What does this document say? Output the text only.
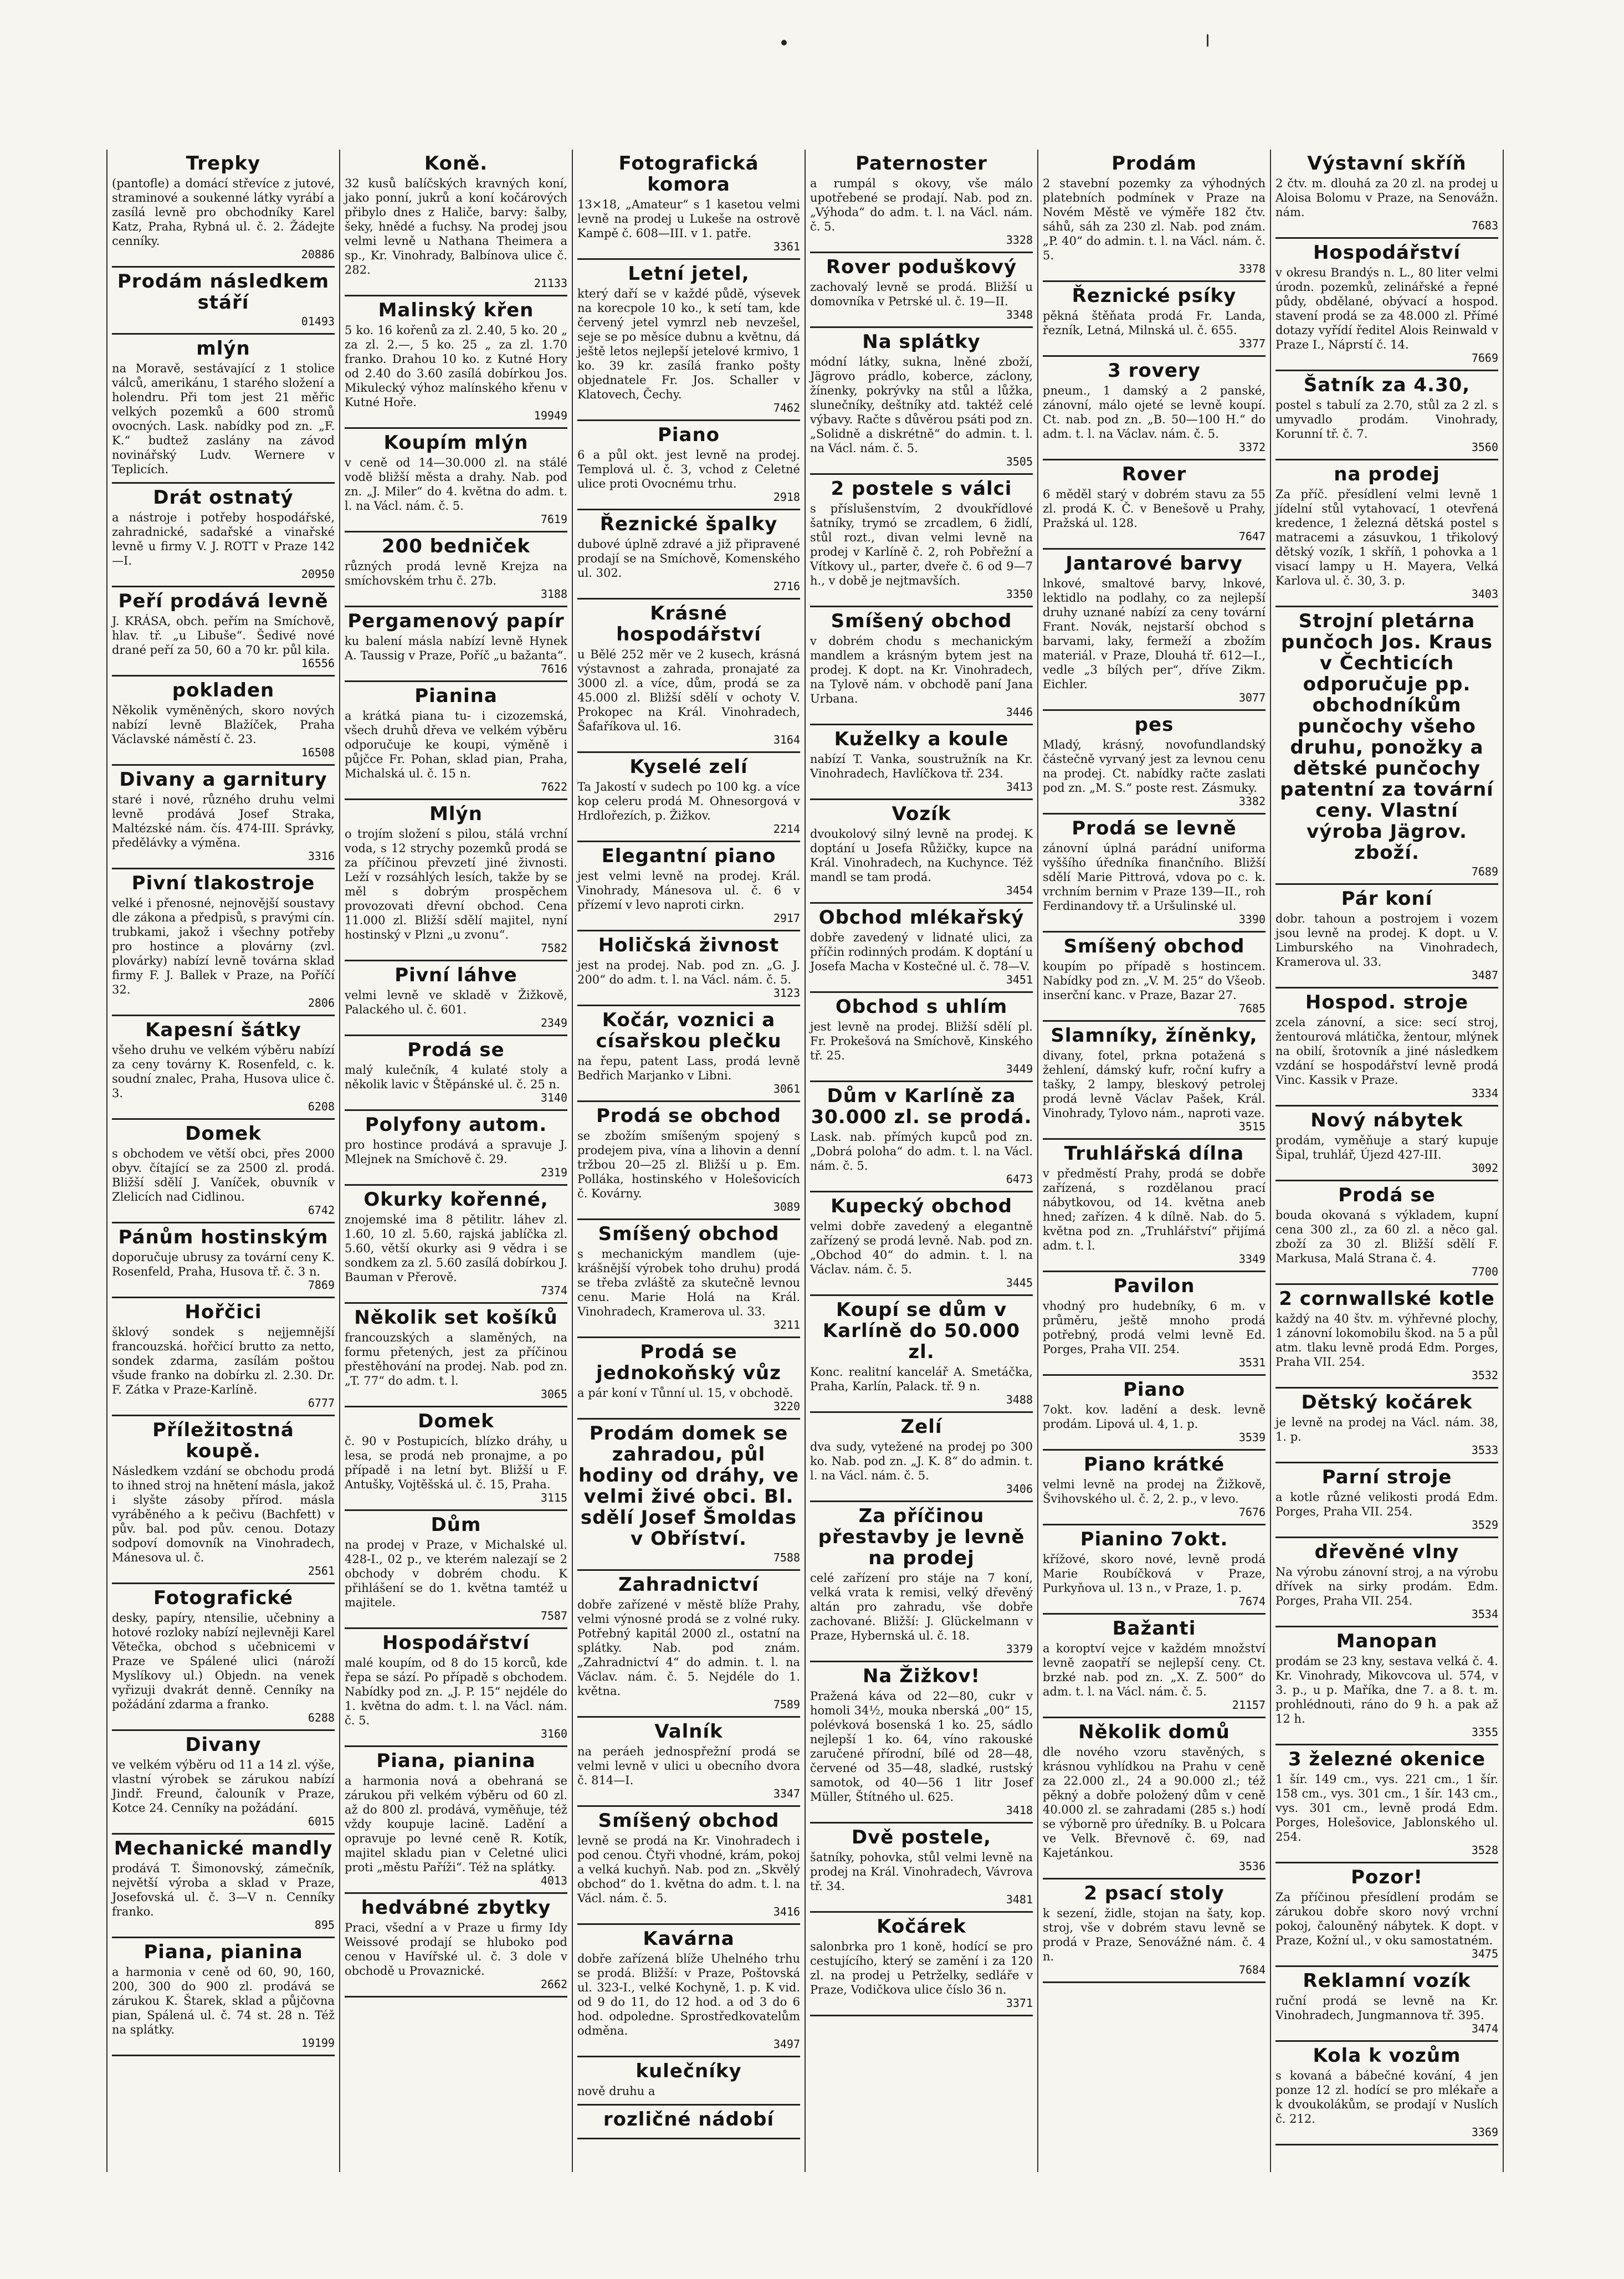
Trepky

(pantofle) a domácí střevíce z jutové, straminové a soukenné látky vyrábí a zasílá levně pro obchodníky Karel Katz, Praha, Rybná ul. č. 2. Žádejte cenníky.

20886
Prodám následkem stáří

01493
mlýn

na Moravě, sestávající z 1 stolice válců, amerikánu, 1 starého složení a holendru. Při tom jest 21 měřic velkých pozemků a 600 stromů ovocných. Lask. nabídky pod zn. „F. K.“ budtež zaslány na závod novinářský Ludv. Wernere v Teplicích.

Drát ostnatý

a nástroje i potřeby hospodářské, zahradnické, sadařské a vinařské levně u firmy V. J. ROTT v Praze 142—I.

20950
Peří prodává levně

J. KRÁSA, obch. peřím na Smíchově, hlav. tř. „u Libuše“. Šedivé nové drané peří za 50, 60 a 70 kr. půl kila.

16556
pokladen

Několik vyměněných, skoro nových nabízí levně Blažíček, Praha Václavské náměstí č. 23.

16508
Divany a garnitury

staré i nové, různého druhu velmi levně prodává Josef Straka, Maltézské nám. čís. 474-III. Správky, předělávky a výměna.

3316
Pivní tlakostroje

velké i přenosné, nejnovější soustavy dle zákona a předpisů, s pravými cín. trubkami, jakož i všechny potřeby pro hostince a plovárny (zvl. plovárky) nabízí levně továrna sklad firmy F. J. Ballek v Praze, na Poříčí 32.

2806
Kapesní šátky

všeho druhu ve velkém výběru nabízí za ceny továrny K. Rosenfeld, c. k. soudní znalec, Praha, Husova ulice č. 3.

6208
Domek

s obchodem ve větší obci, přes 2000 obyv. čítající se za 2500 zl. prodá. Bližší sdělí J. Vaníček, obuvník v Zlelicích nad Cidlinou.

6742
Pánům hostinským

doporučuje ubrusy za tovární ceny K. Rosenfeld, Praha, Husova tř. č. 3 n.

7869
Hořčici

šklový sondek s nejjemnější francouzská. hořčicí brutto za netto, sondek zdarma, zasílám poštou všude franko na dobírku zl. 2.30. Dr. F. Zátka v Praze-Karlíně.

6777
Příležitostná koupě.

Následkem vzdání se obchodu prodá to ihned stroj na hnětení másla, jakož i slyšte zásoby přírod. másla vyráběného a k pečivu (Bachfett) v pův. bal. pod pův. cenou. Dotazy sodpoví domovník na Vinohradech, Mánesova ul. č.

2561
Fotografické

desky, papíry, ntensilie, učebniny a hotové rozloky nabízí nejlevněji Karel Větečka, obchod s učebnicemi v Praze ve Spálené ulici (nároží Myslíkovy ul.) Objedn. na venek vyřizuji dvakrát denně. Cenníky na požádání zdarma a franko.

6288
Divany

ve velkém výběru od 11 a 14 zl. výše, vlastní výrobek se zárukou nabízí Jindř. Freund, čalouník v Praze, Kotce 24. Cenníky na požádání.

6015
Mechanické mandly

prodává T. Šimonovský, zámečník, největší výroba a sklad v Praze, Josefovská ul. č. 3—V n. Cenníky franko.

895
Piana, pianina

a harmonia v ceně od 60, 90, 160, 200, 300 do 900 zl. prodává se zárukou K. Štarek, sklad a půjčovna pian, Spálená ul. č. 74 st. 28 n. Též na splátky.

19199
Koně.

32 kusů balíčských kravných koní, jako ponní, jukrů a koní kočárových přibylo dnes z Haliče, barvy: šalby, šeky, hnědé a fuchsy. Na prodej jsou velmi levně u Nathana Theimera a sp., Kr. Vinohrady, Balbínova ulice č. 282.

21133
Malinský křen

5 ko. 16 kořenů za zl. 2.40, 5 ko. 20 „ za zl. 2.—, 5 ko. 25 „ za zl. 1.70 franko. Drahou 10 ko. z Kutné Hory od 2.40 do 3.60 zasílá dobírkou Jos. Mikulecký výhoz malínského křenu v Kutné Hoře.

19949
Koupím mlýn

v ceně od 14—30.000 zl. na stálé vodě bližší města a drahy. Nab. pod zn. „J. Miler“ do 4. května do adm. t. l. na Václ. nám. č. 5.

7619
200 bedniček

různých prodá levně Krejza na smíchovském trhu č. 27b.

3188
Pergamenový papír

ku balení másla nabízí levně Hynek A. Taussig v Praze, Poříč „u bažanta“.

7616
Pianina

a krátká piana tu- i cizozemská, všech druhů dřeva ve velkém výběru odporučuje ke koupi, výměně i půjčce Fr. Pohan, sklad pian, Praha, Michalská ul. č. 15 n.

7622
Mlýn

o trojím složení s pilou, stálá vrchní voda, s 12 strychy pozemků prodá se za příčinou převzetí jiné živnosti. Leží v rozsáhlých lesích, takže by se měl s dobrým prospěchem provozovati dřevní obchod. Cena 11.000 zl. Bližší sdělí majitel, nyní hostinský v Plzni „u zvonu“.

7582
Pivní láhve

velmi levně ve skladě v Žižkově, Palackého ul. č. 601.

2349
Prodá se

malý kulečník, 4 kulaté stoly a několik lavic v Štěpánské ul. č. 25 n.

3140
Polyfony autom.

pro hostince prodává a spravuje J. Mlejnek na Smíchově č. 29.

2319
Okurky kořenné,

znojemské ima 8 pětilitr. láhev zl. 1.60, 10 zl. 5.60, rajská jablíčka zl. 5.60, větší okurky asi 9 vědra i se sondkem za zl. 5.60 zasílá dobírkou J. Bauman v Přerově.

7374
Několik set košíků

francouzských a slaměných, na formu přetených, jest za příčinou přestěhování na prodej. Nab. pod zn. „T. 77“ do adm. t. l.

3065
Domek

č. 90 v Postupicích, blízko dráhy, u lesa, se prodá neb pronajme, a po případě i na letní byt. Bližší u F. Antušky, Vojtěšská ul. č. 15, Praha.

3115
Dům

na prodej v Praze, v Michalské ul. 428-I., 02 p., ve kterém nalezají se 2 obchody v dobrém chodu. K přihlášení se do 1. května tamtéž u majitele.

7587
Hospodářství

malé koupím, od 8 do 15 korců, kde řepa se sází. Po případě s obchodem. Nabídky pod zn. „J. P. 15“ nejdéle do 1. května do adm. t. l. na Václ. nám. č. 5.

3160
Piana, pianina

a harmonia nová a obehraná se zárukou při velkém výběru od 60 zl. až do 800 zl. prodává, vyměňuje, též vždy koupuje lacině. Ladění a opravuje po levné ceně R. Kotík, majitel skladu pian v Celetné ulici proti „městu Paříži“. Též na splátky.

4013
hedvábné zbytky

Praci, všední a v Praze u firmy Idy Weissové prodají se hluboko pod cenou v Havířské ul. č. 3 dole v obchodě u Provaznické.

2662
Fotografická komora

13×18, „Amateur“ s 1 kasetou velmi levně na prodej u Lukeše na ostrově Kampě č. 608—III. v 1. patře.

3361
Letní jetel,

který daří se v každé půdě, výsevek na korecpole 10 ko., k setí tam, kde červený jetel vymrzl neb nevzešel, seje se po měsíce dubnu a květnu, dá ještě letos nejlepší jetelové krmivo, 1 ko. 39 kr. zasílá franko pošty objednatele Fr. Jos. Schaller v Klatovech, Čechy.

7462
Piano

6 a půl okt. jest levně na prodej. Templová ul. č. 3, vchod z Celetné ulice proti Ovocnému trhu.

2918
Řeznické špalky

dubové úplně zdravé a již připravené prodají se na Smíchově, Komenského ul. 302.

2716
Krásné hospodářství

u Bělé 252 měr ve 2 kusech, krásná výstavnost a zahrada, pronajaté za 3000 zl. a více, dům, prodá se za 45.000 zl. Bližší sdělí v ochoty V. Prokopec na Král. Vinohradech, Šafaříkova ul. 16.

3164
Kyselé zelí

Ta Jakostí v sudech po 100 kg. a více kop celeru prodá M. Ohnesorgová v Hrdlořezích, p. Žižkov.

2214
Elegantní piano

jest velmi levně na prodej. Král. Vinohrady, Mánesova ul. č. 6 v přízemí v levo naproti cirkn.

2917
Holičská živnost

jest na prodej. Nab. pod zn. „G. J. 200“ do adm. t. l. na Václ. nám. č. 5.

3123
Kočár, voznici a císařskou plečku

na řepu, patent Lass, prodá levně Bedřich Marjanko v Libni.

3061
Prodá se obchod

se zbožím smíšeným spojený s prodejem piva, vína a lihovin a denní tržbou 20—25 zl. Bližší u p. Em. Polláka, hostinského v Holešovicích č. Kovárny.

3089
Smíšený obchod

s mechanickým mandlem (uje-krášnější výrobek toho druhu) prodá se třeba zvláště za skutečně levnou cenu. Marie Holá na Král. Vinohradech, Kramerova ul. 33.

3211
Prodá se jednokoňský vůz

a pár koní v Tůnní ul. 15, v obchodě.

3220
Prodám domek se zahradou, půl hodiny od dráhy, ve velmi živé obci. Bl. sdělí Josef Šmoldas v Obříství.

7588
Zahradnictví

dobře zařízené v městě blíže Prahy, velmi výnosné prodá se z volné ruky. Potřebný kapitál 2000 zl., ostatní na splátky. Nab. pod znám. „Zahradnictví 4“ do admin. t. l. na Václav. nám. č. 5. Nejdéle do 1. května.

7589
Valník

na peráeh jednospřežní prodá se velmi levně v ulici u obecního dvora č. 814—I.

3347
Smíšený obchod

levně se prodá na Kr. Vinohradech i pod cenou. Čtyři vhodné, krám, pokoj a velká kuchyň. Nab. pod zn. „Skvělý obchod“ do 1. května do adm. t. l. na Václ. nám. č. 5.

3416
Kavárna

dobře zařízená blíže Uhelného trhu se prodá. Bližší: v Praze, Poštovská ul. 323-I., velké Kochyně, 1. p. K vid. od 9 do 11, do 12 hod. a od 3 do 6 hod. odpoledne. Sprostředkovatelům odměna.

3497
kulečníky

nově druhu a

rozličné nádobí

Paternoster

a rumpál s okovy, vše málo upotřebené se prodají. Nab. pod zn. „Výhoda“ do adm. t. l. na Václ. nám. č. 5.

3328
Rover poduškový

zachovalý levně se prodá. Bližší u domovníka v Petrské ul. č. 19—II.

3348
Na splátky

módní látky, sukna, lněné zboží, Jägrovo prádlo, koberce, záclony, žínenky, pokrývky na stůl a lůžka, slunečníky, deštníky atd. taktéž celé výbavy. Račte s důvěrou psáti pod zn. „Solidně a diskrétně“ do admin. t. l. na Václ. nám. č. 5.

3505
2 postele s válci

s příslušenstvím, 2 dvoukřídlové šatníky, trymó se zrcadlem, 6 židlí, stůl rozt., divan velmi levně na prodej v Karlíně č. 2, roh Pobřežní a Vítkovy ul., parter, dveře č. 6 od 9—7 h., v době je nejtmavších.

3350
Smíšený obchod

v dobrém chodu s mechanickým mandlem a krásným bytem jest na prodej. K dopt. na Kr. Vinohradech, na Tylově nám. v obchodě paní Jana Urbana.

3446
Kuželky a koule

nabízí T. Vanka, soustružník na Kr. Vinohradech, Havlíčkova tř. 234.

3413
Vozík

dvoukolový silný levně na prodej. K doptání u Josefa Růžičky, kupce na Král. Vinohradech, na Kuchynce. Též mandl se tam prodá.

3454
Obchod mlékařský

dobře zavedený v lidnaté ulici, za příčin rodinných prodám. K doptání u Josefa Macha v Kostečné ul. č. 78—V.

3451
Obchod s uhlím

jest levně na prodej. Bližší sdělí pl. Fr. Prokešová na Smíchově, Kinského tř. 25.

3449
Dům v Karlíně za 30.000 zl. se prodá.

Lask. nab. přímých kupců pod zn. „Dobrá poloha“ do adm. t. l. na Václ. nám. č. 5.

6473
Kupecký obchod

velmi dobře zavedený a elegantně zařízený se prodá levně. Nab. pod zn. „Obchod 40“ do admin. t. l. na Václav. nám. č. 5.

3445
Koupí se dům v Karlíně do 50.000 zl.

Konc. realitní kancelář A. Smetáčka, Praha, Karlín, Palack. tř. 9 n.

3488
Zelí

dva sudy, vytežené na prodej po 300 ko. Nab. pod zn. „J. K. 8“ do admin. t. l. na Václ. nám. č. 5.

3406
Za příčinou přestavby je levně na prodej

celé zařízení pro stáje na 7 koní, velká vrata k remisi, velký dřevěný altán pro zahradu, vše dobře zachované. Bližší: J. Glückelmann v Praze, Hybernská ul. č. 18.

3379
Na Žižkov!

Pražená káva od 22—80, cukr v homoli 34½, mouka nberská „00“ 15, polévková bosenská 1 ko. 25, sádlo nejlepší 1 ko. 64, víno rakouské zaručené přírodní, bílé od 28—48, červené od 35—48, sladké, rustský samotok, od 40—56 1 litr Josef Müller, Štítného ul. 625.

3418
Dvě postele,

šatníky, pohovka, stůl velmi levně na prodej na Král. Vinohradech, Vávrova tř. 34.

3481
Kočárek

salonbrka pro 1 koně, hodící se pro cestujícího, který se zamění i za 120 zl. na prodej u Petrželky, sedláře v Praze, Vodičkova ulice číslo 36 n.

3371
Prodám

2 stavební pozemky za výhodných platebních podmínek v Praze na Novém Městě ve výměře 182 čtv. sáhů, sáh za 230 zl. Nab. pod znám. „P. 40“ do admin. t. l. na Václ. nám. č. 5.

3378
Řeznické psíky

pěkná štěňata prodá Fr. Landa, řezník, Letná, Milnská ul. č. 655.

3377
3 rovery

pneum., 1 damský a 2 panské, zánovní, málo ojeté se levně koupí. Ct. nab. pod zn. „B. 50—100 H.“ do adm. t. l. na Václav. nám. č. 5.

3372
Rover

6 měděl starý v dobrém stavu za 55 zl. prodá K. Č. v Benešově u Prahy, Pražská ul. 128.

7647
Jantarové barvy

lnkové, smaltové barvy, lnkové, lektidlo na podlahy, co za nejlepší druhy uznané nabízí za ceny tovární Frant. Novák, nejstarší obchod s barvami, laky, fermeží a zbožím materiál. v Praze, Dlouhá tř. 612—I., vedle „3 bílých per“, dříve Zikm. Eichler.

3077
pes

Mladý, krásný, novofundlandský částečně vyrvaný jest za levnou cenu na prodej. Ct. nabídky račte zaslati pod zn. „M. S.“ poste rest. Zásmuky.

3382
Prodá se levně

zánovní úplná parádní uniforma vyššího úředníka finančního. Bližší sdělí Marie Pittrová, vdova po c. k. vrchním bernim v Praze 139—II., roh Ferdinandovy tř. a Uršulinské ul.

3390
Smíšený obchod

koupím po případě s hostincem. Nabídky pod zn. „V. M. 25“ do Všeob. inserční kanc. v Praze, Bazar 27.

7685
Slamníky, žíněnky,

divany, fotel, prkna potažená s žehlení, dámský kufr, roční kufry a tašky, 2 lampy, bleskový petrolej prodá levně Václav Pašek, Král. Vinohrady, Tylovo nám., naproti vaze.

3515
Truhlářská dílna

v předměstí Prahy, prodá se dobře zařízená, s rozdělanou prací nábytkovou, od 14. května aneb hned; zařízen. 4 k dílně. Nab. do 5. května pod zn. „Truhlářství“ přijímá adm. t. l.

3349
Pavilon

vhodný pro hudebníky, 6 m. v průměru, ještě mnoho prodá potřebný, prodá velmi levně Ed. Porges, Praha VII. 254.

3531
Piano

7okt. kov. ladění a desk. levně prodám. Lipová ul. 4, 1. p.

3539
Piano krátké

velmi levně na prodej na Žižkově, Švihovského ul. č. 2, 2. p., v levo.

7676
Pianino 7okt.

křížové, skoro nové, levně prodá Marie Roubíčková v Praze, Purkyňova ul. 13 n., v Praze, 1. p.

7674
Bažanti

a koroptví vejce v každém množství levně zaopatří se nejlepší ceny. Ct. brzké nab. pod zn. „X. Z. 500“ do adm. t. l. na Václ. nám. č. 5.

21157
Několik domů

dle nového vzoru stavěných, s krásnou vyhlídkou na Prahu v ceně za 22.000 zl., 24 a 90.000 zl.; též pěkný a dobře položený dům v ceně 40.000 zl. se zahradami (285 s.) hodí se výborně pro úředníky. B. u Polcara ve Velk. Břevnově č. 69, nad Kajetánkou.

3536
2 psací stoly

k sezení, židle, stojan na šaty, kop. stroj, vše v dobrém stavu levně se prodá v Praze, Senovážné nám. č. 4 n.

7684
Výstavní skříň

2 čtv. m. dlouhá za 20 zl. na prodej u Aloisa Bolomu v Praze, na Senovážn. nám.

7683
Hospodářství

v okresu Brandýs n. L., 80 liter velmi úrodn. pozemků, zelinářské a řepné půdy, obdělané, obývací a hospod. stavení prodá se za 48.000 zl. Přímé dotazy vyřídí ředitel Alois Reinwald v Praze I., Náprstí č. 14.

7669
Šatník za 4.30,

postel s tabulí za 2.70, stůl za 2 zl. s umyvadlo prodám. Vinohrady, Korunní tř. č. 7.

3560
na prodej

Za příč. přesídlení velmi levně 1 jídelní stůl vytahovací, 1 otevřená kredence, 1 železná dětská postel s matracemi a zásuvkou, 1 třikolový dětský vozík, 1 skříň, 1 pohovka a 1 visací lampy u H. Mayera, Velká Karlova ul. č. 30, 3. p.

3403
Strojní pletárna punčoch Jos. Kraus v Čechticích odporučuje pp. obchodníkům punčochy všeho druhu, ponožky a dětské punčochy patentní za tovární ceny. Vlastní výroba Jägrov. zboží.

7689
Pár koní

dobr. tahoun a postrojem i vozem jsou levně na prodej. K dopt. u V. Limburského na Vinohradech, Kramerova ul. 33.

3487
Hospod. stroje

zcela zánovní, a sice: secí stroj, žentourová mlátička, žentour, mlýnek na obilí, šrotovník a jiné následkem vzdání se hospodářství levně prodá Vinc. Kassik v Praze.

3334
Nový nábytek

prodám, vyměňuje a starý kupuje Šipal, truhlář, Újezd 427-III.

3092
Prodá se

bouda okovaná s výkladem, kupní cena 300 zl., za 60 zl. a něco gal. zboží za 30 zl. Bližší sdělí F. Markusa, Malá Strana č. 4.

7700
2 cornwallské kotle

každý na 40 štv. m. výhřevné plochy, 1 zánovní lokomobilu škod. na 5 a půl atm. tlaku levně prodá Edm. Porges, Praha VII. 254.

3532
Dětský kočárek

je levně na prodej na Václ. nám. 38, 1. p.

3533
Parní stroje

a kotle různé velikosti prodá Edm. Porges, Praha VII. 254.

3529
dřevěné vlny

Na výrobu zánovní stroj, a na výrobu dřívek na sirky prodám. Edm. Porges, Praha VII. 254.

3534
Manopan

prodám se 23 kny, sestava velká č. 4. Kr. Vinohrady, Mikovcova ul. 574, v 3. p., u p. Maříka, dne 7. a 8. t. m. prohlédnouti, ráno do 9 h. a pak až 12 h.

3355
3 železné okenice

1 šír. 149 cm., vys. 221 cm., 1 šír. 158 cm., vys. 301 cm., 1 šír. 143 cm., vys. 301 cm., levně prodá Edm. Porges, Holešovice, Jablonského ul. 254.

3528
Pozor!

Za příčinou přesídlení prodám se zárukou dobře skoro nový vrchní pokoj, čalouněný nábytek. K dopt. v Praze, Kožní ul., v oku samostatném.

3475
Reklamní vozík

ruční prodá se levně na Kr. Vinohradech, Jungmannova tř. 395.

3474
Kola k vozům

s kovaná a bábečné kování, 4 jen ponze 12 zl. hodící se pro mlékaře a k dvoukolákům, se prodají v Nuslích č. 212.

3369
